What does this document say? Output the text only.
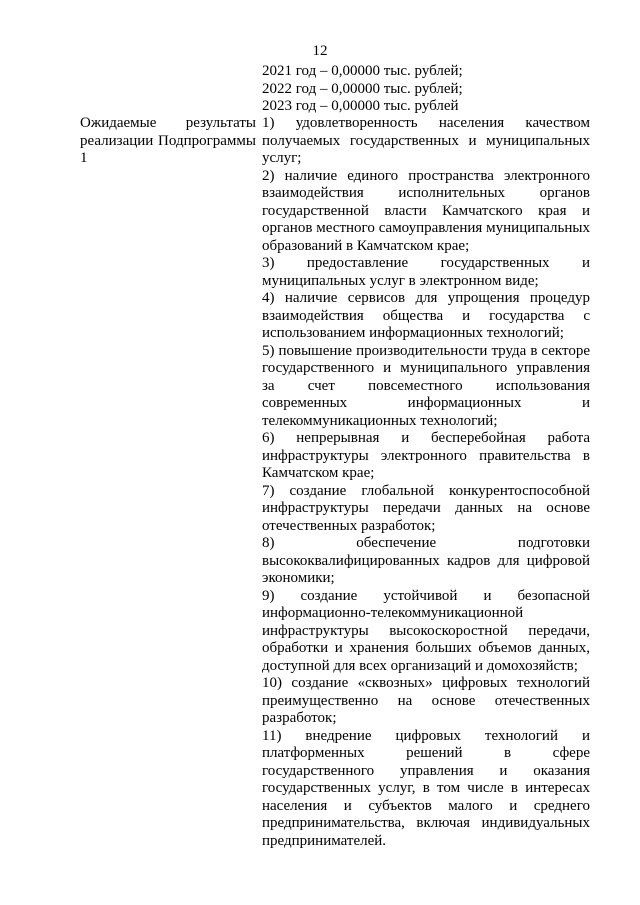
12
2021 год – 0,00000 тыс. рублей;
2022 год – 0,00000 тыс. рублей;
2023 год – 0,00000 тыс. рублей
Ожидаемые результаты реализации Подпрограммы 1

1) удовлетворенность населения качеством получаемых государственных и муниципальных услуг;

2) наличие единого пространства электронного взаимодействия исполнительных органов государственной власти Камчатского края и органов местного самоуправления муниципальных образований в Камчатском крае;

3) предоставление государственных и муниципальных услуг в электронном виде;

4) наличие сервисов для упрощения процедур взаимодействия общества и государства с использованием информационных технологий;

5) повышение производительности труда в секторе государственного и муниципального управления за счет повсеместного использования современных информационных и телекоммуникационных технологий;

6) непрерывная и бесперебойная работа инфраструктуры электронного правительства в Камчатском крае;

7) создание глобальной конкурентоспособной инфраструктуры передачи данных на основе отечественных разработок;

8) обеспечение подготовки высококвалифицированных кадров для цифровой экономики;

9) создание устойчивой и безопасной информационно-телекоммуникационной инфраструктуры высокоскоростной передачи, обработки и хранения больших объемов данных, доступной для всех организаций и домохозяйств;

10) создание «сквозных» цифровых технологий преимущественно на основе отечественных разработок;

11) внедрение цифровых технологий и платформенных решений в сфере государственного управления и оказания государственных услуг, в том числе в интересах населения и субъектов малого и среднего предпринимательства, включая индивидуальных предпринимателей.
